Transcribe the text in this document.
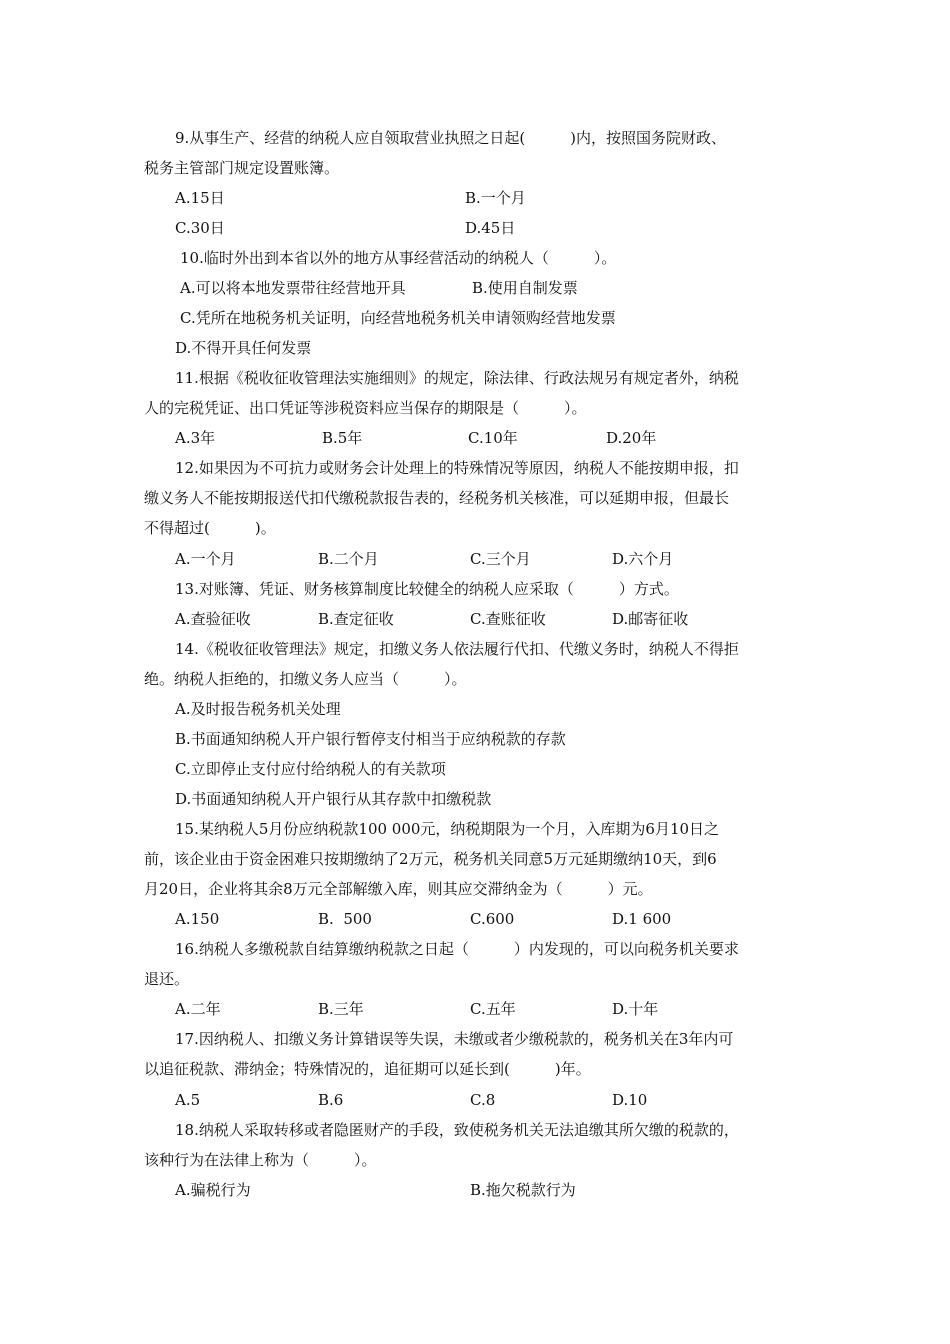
9.从事生产、经营的纳税人应自领取营业执照之日起(　　　)内，按照国务院财政、
税务主管部门规定设置账簿。
A.15日	B.一个月
C.30日	D.45日
10.临时外出到本省以外的地方从事经营活动的纳税人（　　　）。
A.可以将本地发票带往经营地开具	B.使用自制发票
C.凭所在地税务机关证明，向经营地税务机关申请领购经营地发票
D.不得开具任何发票
11.根据《税收征收管理法实施细则》的规定，除法律、行政法规另有规定者外，纳税
人的完税凭证、出口凭证等涉税资料应当保存的期限是（　　　）。
A.3年	B.5年	C.10年	D.20年
12.如果因为不可抗力或财务会计处理上的特殊情况等原因，纳税人不能按期申报，扣
缴义务人不能按期报送代扣代缴税款报告表的，经税务机关核准，可以延期申报，但最长
不得超过(　　　)。
A.一个月	B.二个月	C.三个月	D.六个月
13.对账簿、凭证、财务核算制度比较健全的纳税人应采取（　　　）方式。
A.查验征收	B.查定征收	C.查账征收	D.邮寄征收
14.《税收征收管理法》规定，扣缴义务人依法履行代扣、代缴义务时，纳税人不得拒
绝。纳税人拒绝的，扣缴义务人应当（　　　）。
A.及时报告税务机关处理
B.书面通知纳税人开户银行暂停支付相当于应纳税款的存款
C.立即停止支付应付给纳税人的有关款项
D.书面通知纳税人开户银行从其存款中扣缴税款
15.某纳税人5月份应纳税款100 000元，纳税期限为一个月，入库期为6月10日之
前，该企业由于资金困难只按期缴纳了2万元，税务机关同意5万元延期缴纳10天，到6
月20日，企业将其余8万元全部解缴入库，则其应交滞纳金为（　　　）元。
A.150	B.  500	C.600	D.1 600
16.纳税人多缴税款自结算缴纳税款之日起（　　　）内发现的，可以向税务机关要求
退还。
A.二年	B.三年	C.五年	D.十年
17.因纳税人、扣缴义务计算错误等失误，未缴或者少缴税款的，税务机关在3年内可
以追征税款、滞纳金；特殊情况的，追征期可以延长到(　　　)年。
A.5	B.6	C.8	D.10
18.纳税人采取转移或者隐匿财产的手段，致使税务机关无法追缴其所欠缴的税款的，
该种行为在法律上称为（　　　）。
A.骗税行为	B.拖欠税款行为
